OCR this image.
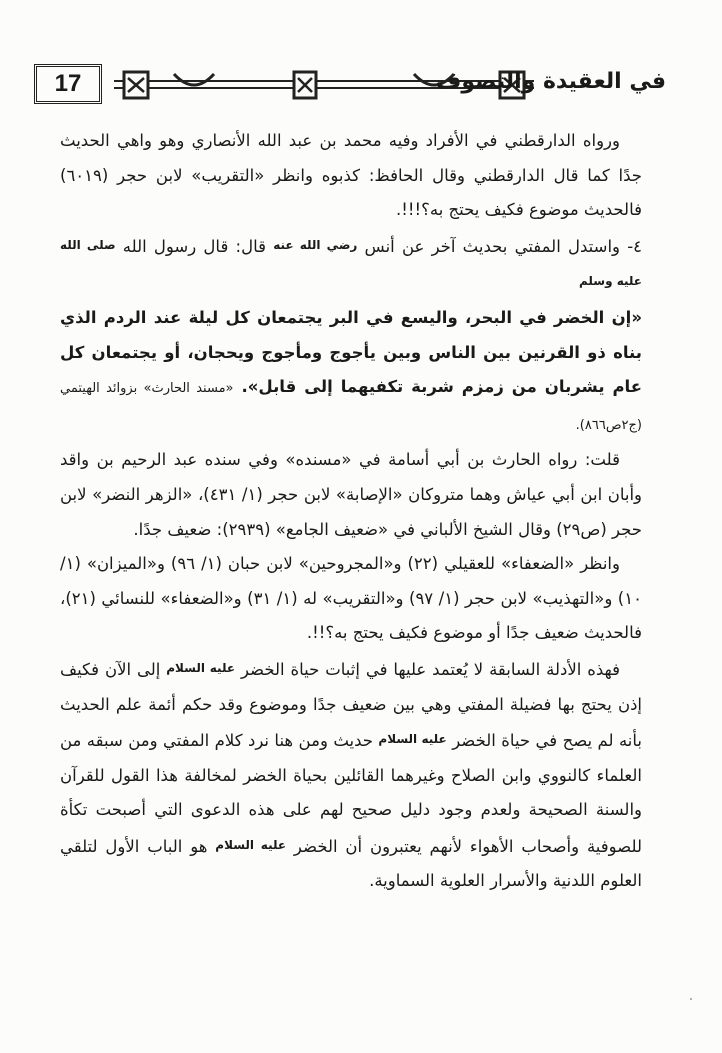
17	في العقيدة والتصوف

ورواه الدارقطني في الأفراد وفيه محمد بن عبد الله الأنصاري وهو واهي الحديث جدًا كما قال الدارقطني وقال الحافظ: كذبوه وانظر «التقريب» لابن حجر (٦٠١٩) فالحديث موضوع فكيف يحتج به؟!!!.

٤- واستدل المفتي بحديث آخر عن أنس رضي الله عنه قال: قال رسول الله صلى الله عليه وسلم

«إن الخضر في البحر، واليسع في البر يجتمعان كل ليلة عند الردم الذي بناه ذو القرنين بين الناس وبين يأجوج ومأجوج ويحجان، أو يجتمعان كل عام يشربان من زمزم شربة تكفيهما إلى قابل». «مسند الحارث» بزوائد الهيتمي (ج٢ص٨٦٦).

قلت: رواه الحارث بن أبي أسامة في «مسنده» وفي سنده عبد الرحيم بن واقد وأبان ابن أبي عياش وهما متروكان «الإصابة» لابن حجر (١/ ٤٣١)، «الزهر النضر» لابن حجر (ص٢٩) وقال الشيخ الألباني في «ضعيف الجامع» (٢٩٣٩): ضعيف جدًا.

وانظر «الضعفاء» للعقيلي (٢٢) و«المجروحين» لابن حبان (١/ ٩٦) و«الميزان» (١/ ١٠) و«التهذيب» لابن حجر (١/ ٩٧) و«التقريب» له (١/ ٣١) و«الضعفاء» للنسائي (٢١)، فالحديث ضعيف جدًا أو موضوع فكيف يحتج به؟!!.

فهذه الأدلة السابقة لا يُعتمد عليها في إثبات حياة الخضر عليه السلام إلى الآن فكيف إذن يحتج بها فضيلة المفتي وهي بين ضعيف جدًا وموضوع وقد حكم أئمة علم الحديث بأنه لم يصح في حياة الخضر عليه السلام حديث ومن هنا نرد كلام المفتي ومن سبقه من العلماء كالنووي وابن الصلاح وغيرهما القائلين بحياة الخضر لمخالفة هذا القول للقرآن والسنة الصحيحة ولعدم وجود دليل صحيح لهم على هذه الدعوى التي أصبحت تكأة للصوفية وأصحاب الأهواء لأنهم يعتبرون أن الخضر عليه السلام هو الباب الأول لتلقي العلوم اللدنية والأسرار العلوية السماوية.
